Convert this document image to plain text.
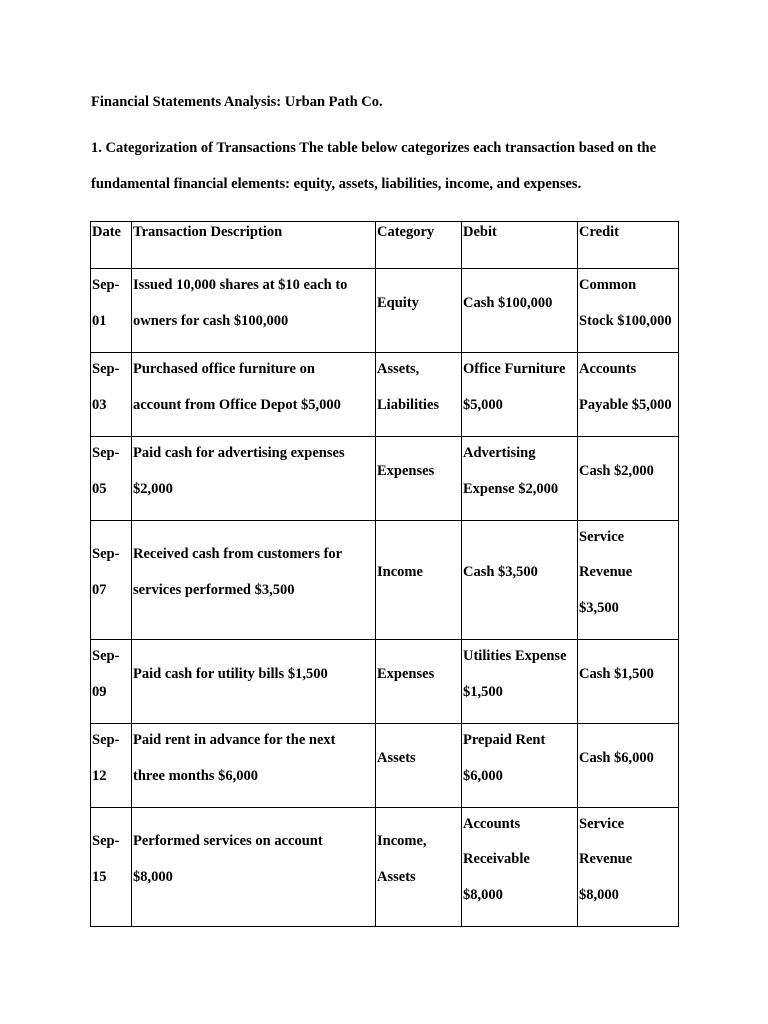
Financial Statements Analysis: Urban Path Co.
1. Categorization of Transactions The table below categorizes each transaction based on the
fundamental financial elements: equity, assets, liabilities, income, and expenses.
Date	Transaction Description	Category	Debit	Credit

Sep-
01	Issued 10,000 shares at $10 each to
owners for cash $100,000	Equity	Cash $100,000	Common
Stock $100,000

Sep-
03	Purchased office furniture on
account from Office Depot $5,000	Assets,
Liabilities	Office Furniture
$5,000	Accounts
Payable $5,000

Sep-
05	Paid cash for advertising expenses
$2,000	Expenses	Advertising
Expense $2,000	Cash $2,000

Sep-
07	Received cash from customers for
services performed $3,500	Income	Cash $3,500	Service
Revenue
$3,500

Sep-
09	Paid cash for utility bills $1,500	Expenses	Utilities Expense
$1,500	Cash $1,500

Sep-
12	Paid rent in advance for the next
three months $6,000	Assets	Prepaid Rent
$6,000	Cash $6,000

Sep-
15	Performed services on account
$8,000	Income,
Assets	Accounts
Receivable
$8,000	Service
Revenue
$8,000
